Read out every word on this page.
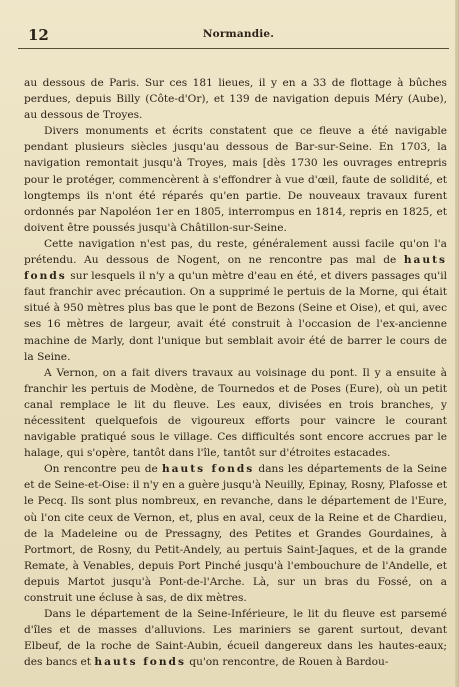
12	Normandie.

au dessous de Paris. Sur ces 181 lieues, il y en a 33 de flottage à bûches perdues, depuis Billy (Côte-d'Or), et 139 de navigation depuis Méry (Aube), au dessous de Troyes.

Divers monuments et écrits constatent que ce fleuve a été navigable pendant plusieurs siècles jusqu'au dessous de Bar-sur-Seine. En 1703, la navigation remontait jusqu'à Troyes, mais [dès 1730 les ouvrages entrepris pour le protéger, commencèrent à s'effondrer à vue d'œil, faute de solidité, et longtemps ils n'ont été réparés qu'en partie. De nouveaux travaux furent ordonnés par Napoléon 1er en 1805, interrompus en 1814, repris en 1825, et doivent être poussés jusqu'à Châtillon-sur-Seine.

Cette navigation n'est pas, du reste, généralement aussi facile qu'on l'a prétendu. Au dessous de Nogent, on ne rencontre pas mal de hauts fonds sur lesquels il n'y a qu'un mètre d'eau en été, et divers passages qu'il faut franchir avec précaution. On a supprimé le pertuis de la Morne, qui était situé à 950 mètres plus bas que le pont de Bezons (Seine et Oise), et qui, avec ses 16 mètres de largeur, avait été construit à l'occasion de l'ex-ancienne machine de Marly, dont l'unique but semblait avoir été de barrer le cours de la Seine.

A Vernon, on a fait divers travaux au voisinage du pont. Il y a ensuite à franchir les pertuis de Modène, de Tournedos et de Poses (Eure), où un petit canal remplace le lit du fleuve. Les eaux, divisées en trois branches, y nécessitent quelquefois de vigoureux efforts pour vaincre le courant navigable pratiqué sous le village. Ces difficultés sont encore accrues par le halage, qui s'opère, tantôt dans l'île, tantôt sur d'étroites estacades.

On rencontre peu de hauts fonds dans les départements de la Seine et de Seine-et-Oise: il n'y en a guère jusqu'à Neuilly, Epinay, Rosny, Plafosse et le Pecq. Ils sont plus nombreux, en revanche, dans le département de l'Eure, où l'on cite ceux de Vernon, et, plus en aval, ceux de la Reine et de Chardieu, de la Madeleine ou de Pressagny, des Petites et Grandes Gourdaines, à Portmort, de Rosny, du Petit-Andely, au pertuis Saint-Jaques, et de la grande Remate, à Venables, depuis Port Pinché jusqu'à l'embouchure de l'Andelle, et depuis Martot jusqu'à Pont-de-l'Arche. Là, sur un bras du Fossé, on a construit une écluse à sas, de dix mètres.

Dans le département de la Seine-Inférieure, le lit du fleuve est parsemé d'îles et de masses d'alluvions. Les mariniers se garent surtout, devant Elbeuf, de la roche de Saint-Aubin, écueil dangereux dans les hautes-eaux; des bancs et hauts fonds qu'on rencontre, de Rouen à Bardou-
